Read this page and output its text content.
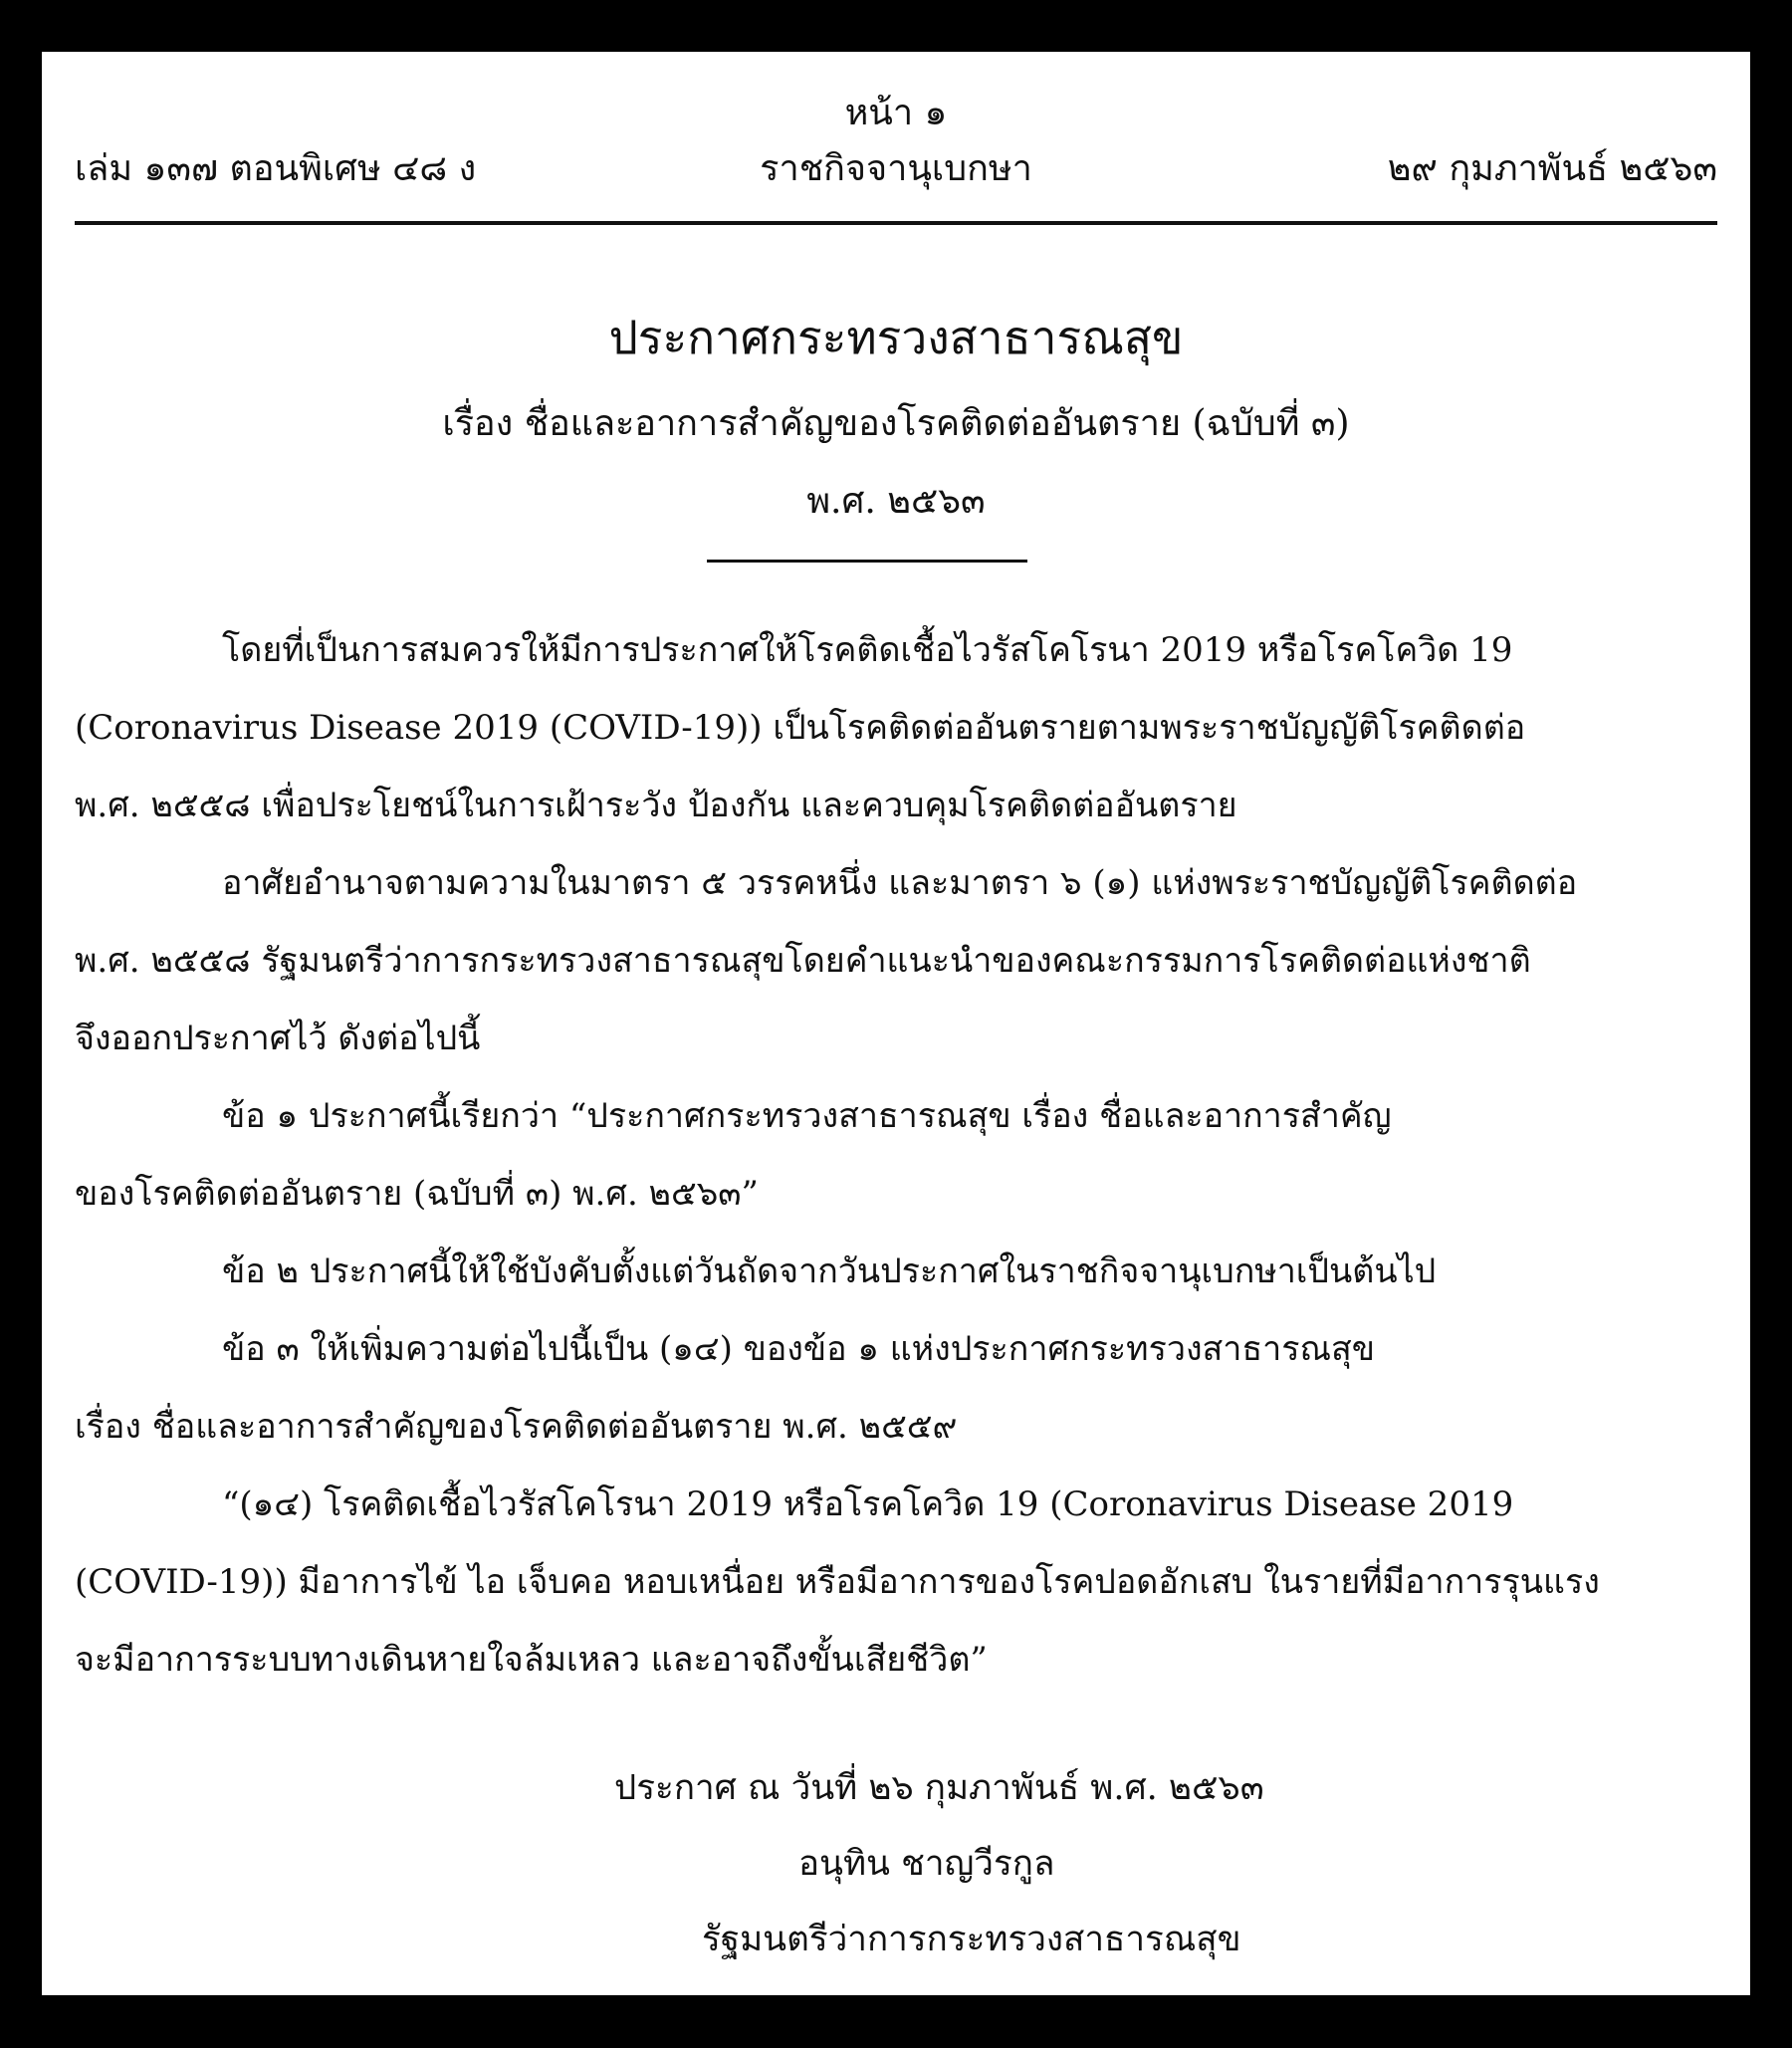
หน้า ๑
เล่ม ๑๓๗ ตอนพิเศษ ๔๘ ง	ราชกิจจานุเบกษา	๒๙ กุมภาพันธ์ ๒๕๖๓
ประกาศกระทรวงสาธารณสุข
เรื่อง ชื่อและอาการสำคัญของโรคติดต่ออันตราย (ฉบับที่ ๓)
พ.ศ. ๒๕๖๓
โดยที่เป็นการสมควรให้มีการประกาศให้โรคติดเชื้อไวรัสโคโรนา 2019 หรือโรคโควิด 19
(Coronavirus Disease 2019 (COVID-19)) เป็นโรคติดต่ออันตรายตามพระราชบัญญัติโรคติดต่อ
พ.ศ. ๒๕๕๘ เพื่อประโยชน์ในการเฝ้าระวัง ป้องกัน และควบคุมโรคติดต่ออันตราย
อาศัยอำนาจตามความในมาตรา ๕ วรรคหนึ่ง และมาตรา ๖ (๑) แห่งพระราชบัญญัติโรคติดต่อ
พ.ศ. ๒๕๕๘ รัฐมนตรีว่าการกระทรวงสาธารณสุขโดยคำแนะนำของคณะกรรมการโรคติดต่อแห่งชาติ
จึงออกประกาศไว้ ดังต่อไปนี้
ข้อ ๑ ประกาศนี้เรียกว่า “ประกาศกระทรวงสาธารณสุข เรื่อง ชื่อและอาการสำคัญ
ของโรคติดต่ออันตราย (ฉบับที่ ๓) พ.ศ. ๒๕๖๓”
ข้อ ๒ ประกาศนี้ให้ใช้บังคับตั้งแต่วันถัดจากวันประกาศในราชกิจจานุเบกษาเป็นต้นไป
ข้อ ๓ ให้เพิ่มความต่อไปนี้เป็น (๑๔) ของข้อ ๑ แห่งประกาศกระทรวงสาธารณสุข
เรื่อง ชื่อและอาการสำคัญของโรคติดต่ออันตราย พ.ศ. ๒๕๕๙
“(๑๔) โรคติดเชื้อไวรัสโคโรนา 2019 หรือโรคโควิด 19 (Coronavirus Disease 2019
(COVID-19)) มีอาการไข้ ไอ เจ็บคอ หอบเหนื่อย หรือมีอาการของโรคปอดอักเสบ ในรายที่มีอาการรุนแรง
จะมีอาการระบบทางเดินหายใจล้มเหลว และอาจถึงขั้นเสียชีวิต”
ประกาศ ณ วันที่ ๒๖ กุมภาพันธ์ พ.ศ. ๒๕๖๓
อนุทิน ชาญวีรกูล
รัฐมนตรีว่าการกระทรวงสาธารณสุข
